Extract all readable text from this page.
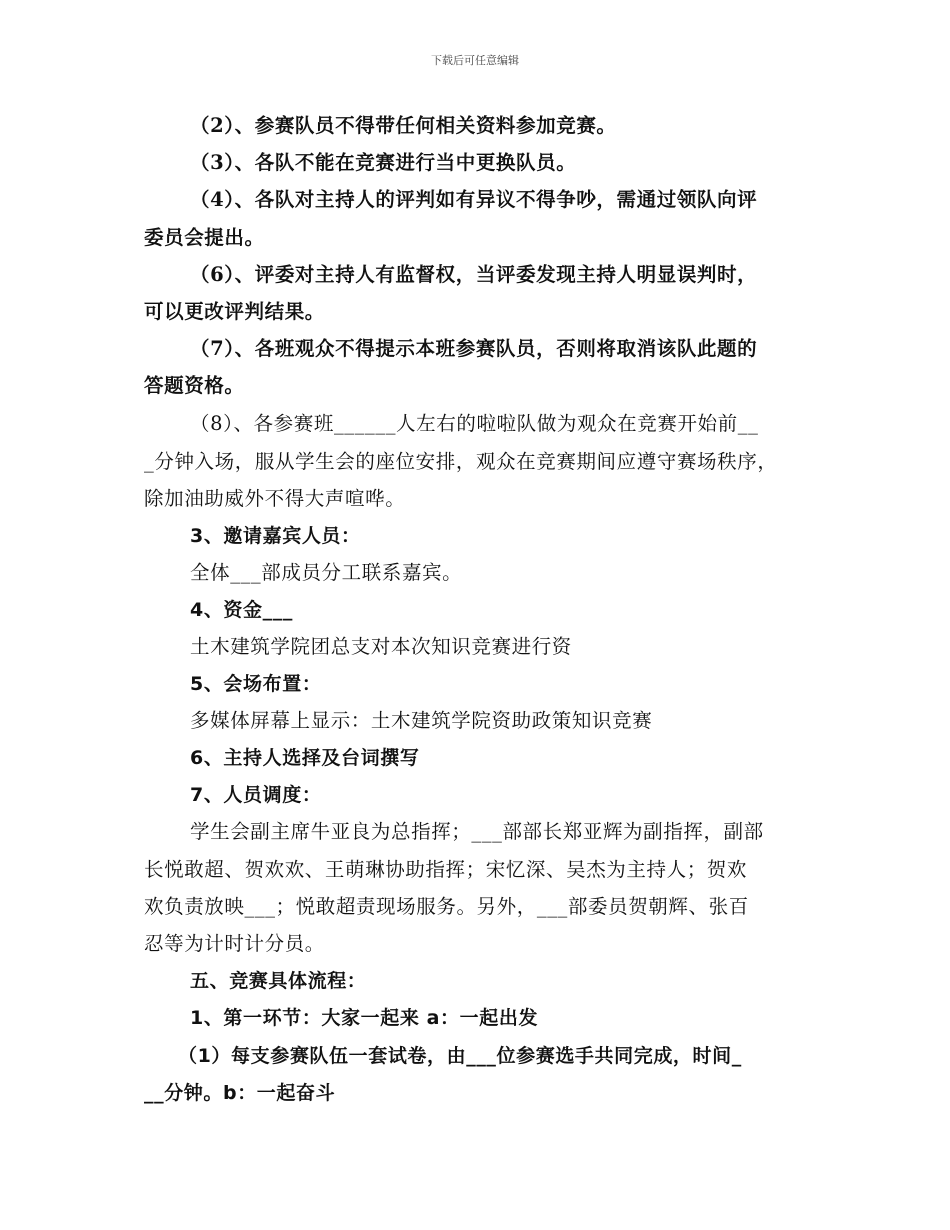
下载后可任意编辑
（2）、参赛队员不得带任何相关资料参加竞赛。
（3）、各队不能在竞赛进行当中更换队员。
（4）、各队对主持人的评判如有异议不得争吵，需通过领队向评
委员会提出。
（6）、评委对主持人有监督权，当评委发现主持人明显误判时，
可以更改评判结果。
（7）、各班观众不得提示本班参赛队员，否则将取消该队此题的
答题资格。
（8）、各参赛班______人左右的啦啦队做为观众在竞赛开始前__
_分钟入场，服从学生会的座位安排，观众在竞赛期间应遵守赛场秩序，
除加油助威外不得大声喧哗。
3、邀请嘉宾人员：
全体___部成员分工联系嘉宾。
4、资金___
土木建筑学院团总支对本次知识竞赛进行资
5、会场布置：
多媒体屏幕上显示：土木建筑学院资助政策知识竞赛
6、主持人选择及台词撰写
7、人员调度：
学生会副主席牛亚良为总指挥；___部部长郑亚辉为副指挥，副部
长悦敢超、贺欢欢、王萌琳协助指挥；宋忆深、吴杰为主持人；贺欢
欢负责放映___；悦敢超责现场服务。另外，___部委员贺朝辉、张百
忍等为计时计分员。
五、竞赛具体流程：
1、第一环节：大家一起来 a：一起出发
（1）每支参赛队伍一套试卷，由___位参赛选手共同完成，时间_
__分钟。b：一起奋斗
